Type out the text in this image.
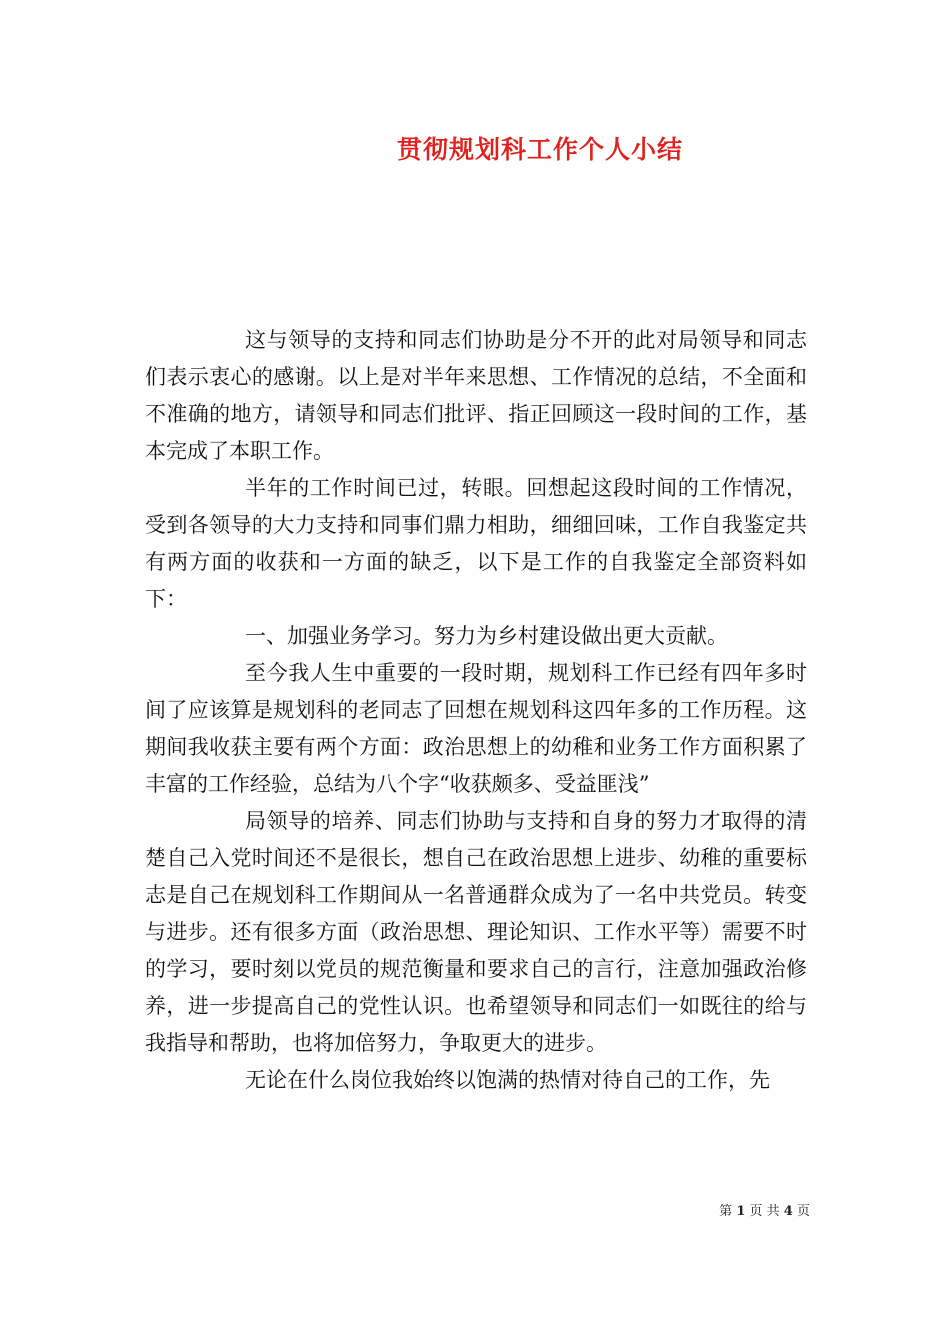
贯彻规划科工作个人小结

这与领导的支持和同志们协助是分不开的此对局领导和同志们表示衷心的感谢。以上是对半年来思想、工作情况的总结，不全面和不准确的地方，请领导和同志们批评、指正回顾这一段时间的工作，基本完成了本职工作。

半年的工作时间已过，转眼。回想起这段时间的工作情况，受到各领导的大力支持和同事们鼎力相助，细细回味，工作自我鉴定共有两方面的收获和一方面的缺乏，以下是工作的自我鉴定全部资料如下：

一、加强业务学习。努力为乡村建设做出更大贡献。

至今我人生中重要的一段时期，规划科工作已经有四年多时间了应该算是规划科的老同志了回想在规划科这四年多的工作历程。这期间我收获主要有两个方面：政治思想上的幼稚和业务工作方面积累了丰富的工作经验，总结为八个字“收获颇多、受益匪浅”

局领导的培养、同志们协助与支持和自身的努力才取得的清楚自己入党时间还不是很长，想自己在政治思想上进步、幼稚的重要标志是自己在规划科工作期间从一名普通群众成为了一名中共党员。转变与进步。还有很多方面（政治思想、理论知识、工作水平等）需要不时的学习，要时刻以党员的规范衡量和要求自己的言行，注意加强政治修养，进一步提高自己的党性认识。也希望领导和同志们一如既往的给与我指导和帮助，也将加倍努力，争取更大的进步。

无论在什么岗位我始终以饱满的热情对待自己的工作，先

第 1 页 共 4 页
